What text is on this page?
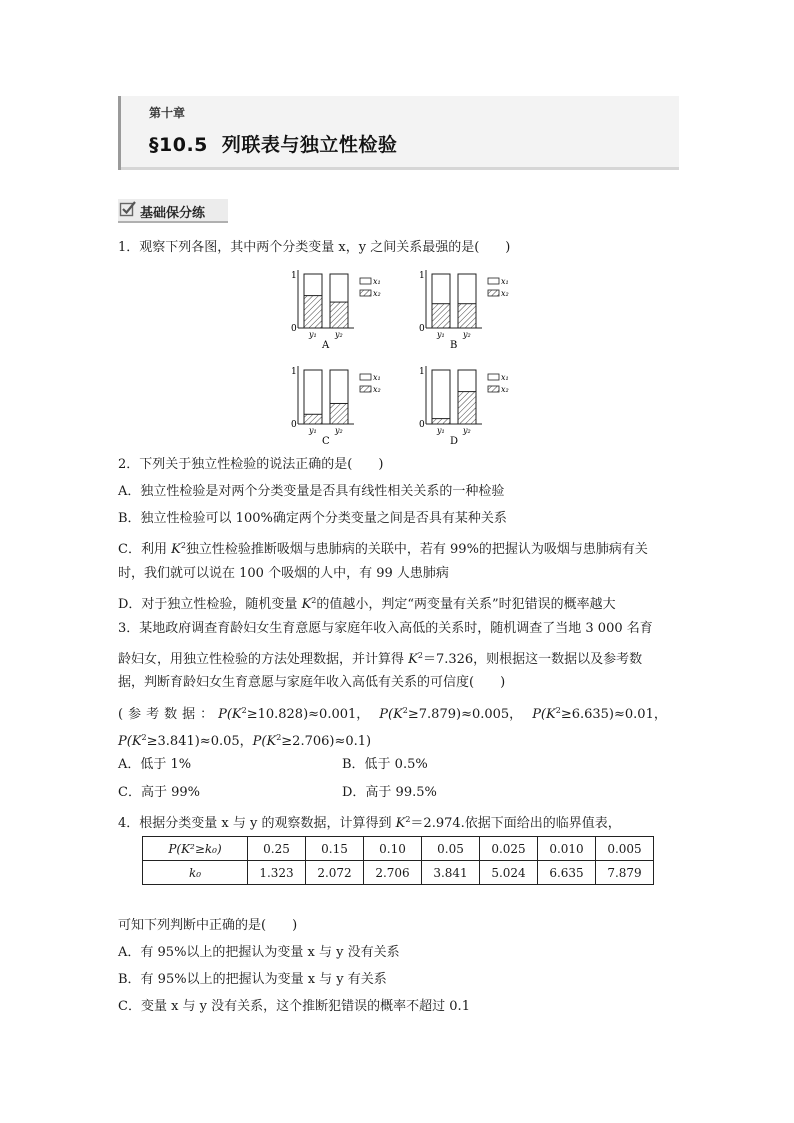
第十章
§10.5 列联表与独立性检验
基础保分练
1．观察下列各图，其中两个分类变量 x，y 之间关系最强的是(　　)
1
0
y₁ y₂
x₁
x₂
A
1
0
y₁ y₂
x₁
x₂
B
1
0
y₁ y₂
x₁
x₂
C
1
0
y₁ y₂
x₁
x₂
D
2．下列关于独立性检验的说法正确的是(　　)
A．独立性检验是对两个分类变量是否具有线性相关关系的一种检验
B．独立性检验可以 100%确定两个分类变量之间是否具有某种关系
C．利用 $K^2$独立性检验推断吸烟与患肺病的关联中，若有 99%的把握认为吸烟与患肺病有关
时，我们就可以说在 100 个吸烟的人中，有 99 人患肺病
D．对于独立性检验，随机变量 $K^2$的值越小，判定“两变量有关系”时犯错误的概率越大
3．某地政府调查育龄妇女生育意愿与家庭年收入高低的关系时，随机调查了当地 3 000 名育
龄妇女，用独立性检验的方法处理数据，并计算得 $K^2=7.326$，则根据这一数据以及参考数
据，判断育龄妇女生育意愿与家庭年收入高低有关系的可信度(　　)
(参考数据：$P(K^2\ge 10.828)\approx 0.001$， $P(K^2\ge 7.879)\approx 0.005$， $P(K^2\ge 6.635)\approx 0.01$，
$P(K^2\ge 3.841)\approx 0.05$，$P(K^2\ge 2.706)\approx 0.1$)
A．低于 1%	B．低于 0.5%
C．高于 99%	D．高于 99.5%
4．根据分类变量 x 与 y 的观察数据，计算得到 $K^2=2.974$.依据下面给出的临界值表，
P(K²≥k₀)	0.25	0.15	0.10	0.05	0.025	0.010	0.005
k₀	1.323	2.072	2.706	3.841	5.024	6.635	7.879
可知下列判断中正确的是(　　)
A．有 95%以上的把握认为变量 x 与 y 没有关系
B．有 95%以上的把握认为变量 x 与 y 有关系
C．变量 x 与 y 没有关系，这个推断犯错误的概率不超过 0.1
